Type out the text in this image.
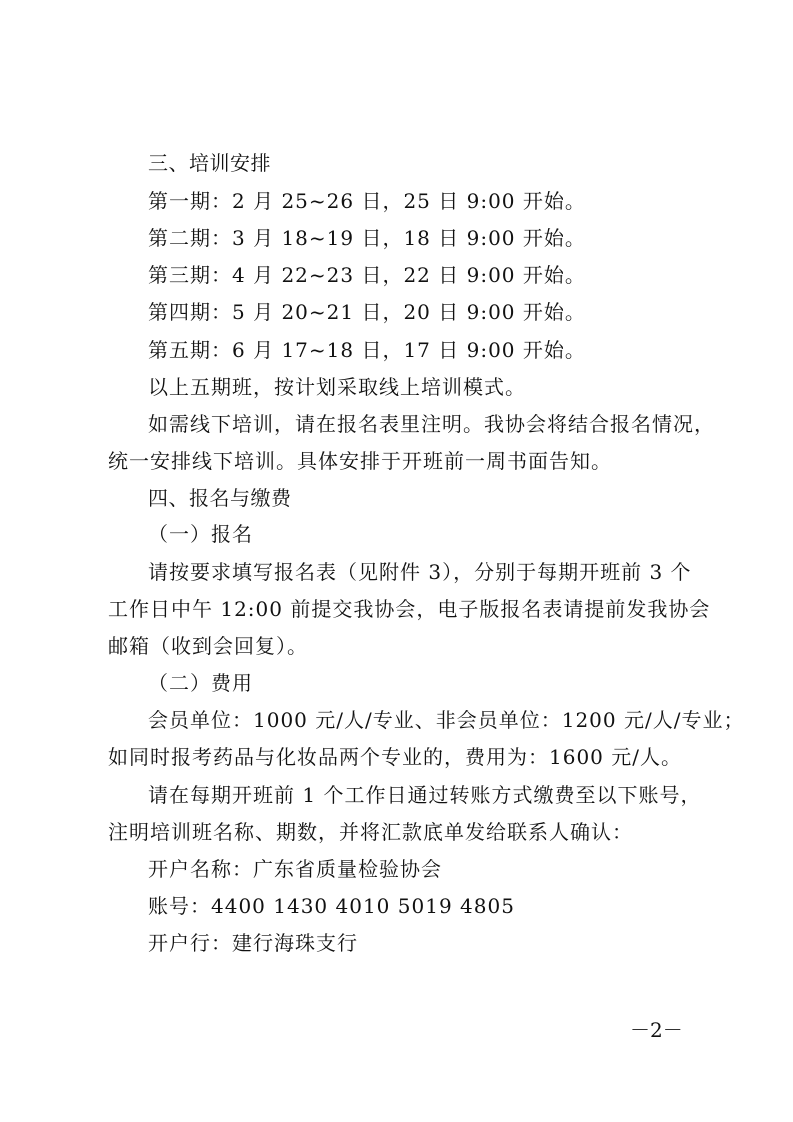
三、培训安排
第一期：2 月 25~26 日，25 日 9:00 开始。
第二期：3 月 18~19 日，18 日 9:00 开始。
第三期：4 月 22~23 日，22 日 9:00 开始。
第四期：5 月 20~21 日，20 日 9:00 开始。
第五期：6 月 17~18 日，17 日 9:00 开始。
以上五期班，按计划采取线上培训模式。
如需线下培训，请在报名表里注明。我协会将结合报名情况，
统一安排线下培训。具体安排于开班前一周书面告知。
四、报名与缴费
（一）报名
请按要求填写报名表（见附件 3），分别于每期开班前 3 个
工作日中午 12:00 前提交我协会，电子版报名表请提前发我协会
邮箱（收到会回复）。
（二）费用
会员单位：1000 元/人/专业、非会员单位：1200 元/人/专业；
如同时报考药品与化妆品两个专业的，费用为：1600 元/人。
请在每期开班前 1 个工作日通过转账方式缴费至以下账号，
注明培训班名称、期数，并将汇款底单发给联系人确认：
开户名称：广东省质量检验协会
账号：4400 1430 4010 5019 4805
开户行：建行海珠支行
－2－
